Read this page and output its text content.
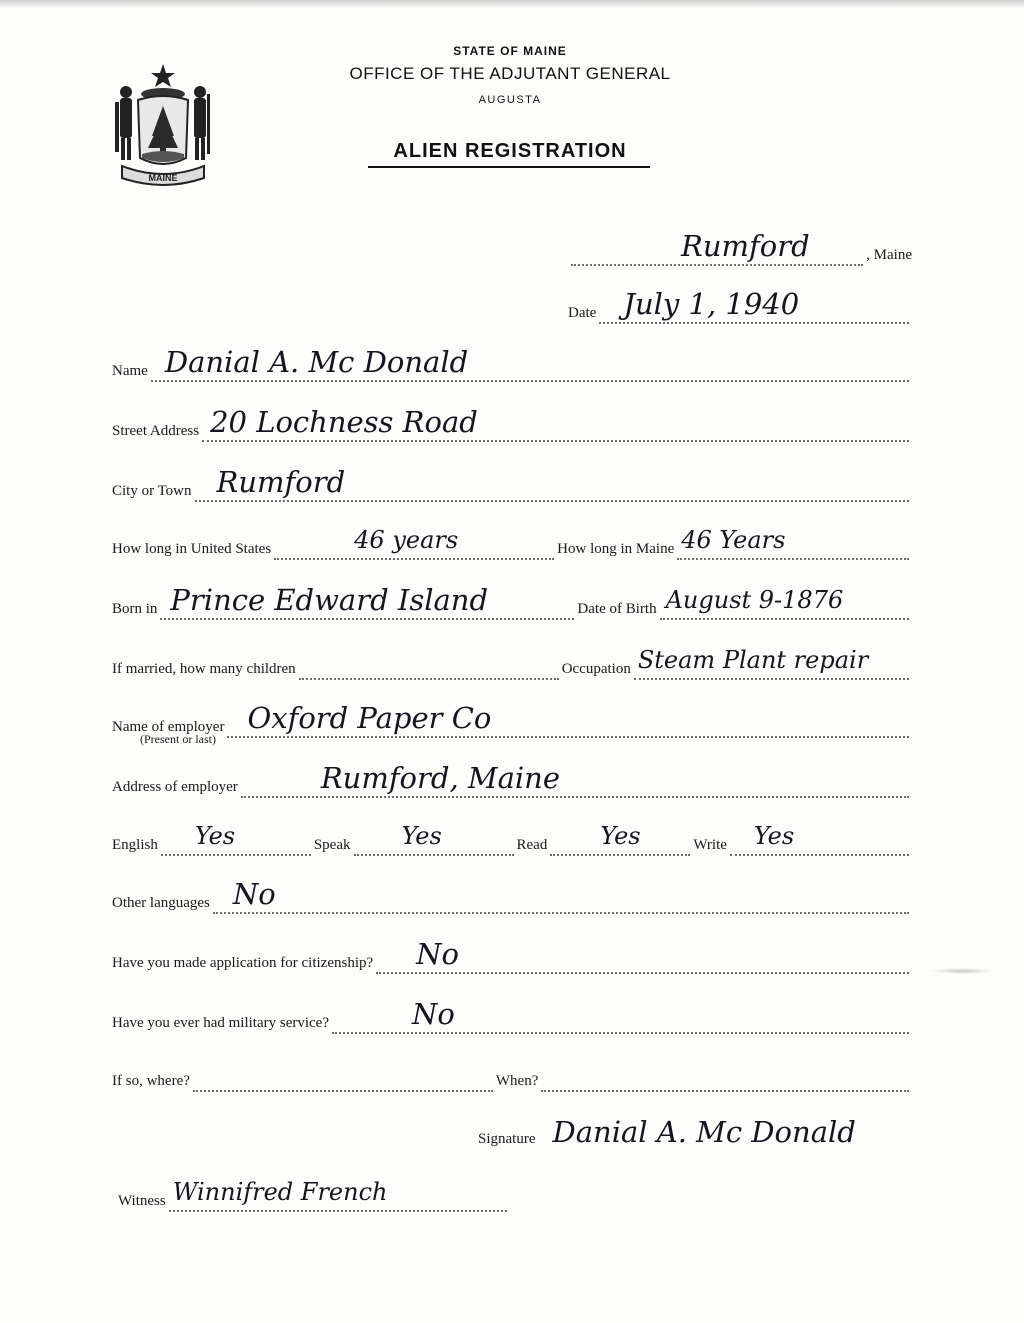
MAINE
STATE OF MAINE
OFFICE OF THE ADJUTANT GENERAL
AUGUSTA
ALIEN REGISTRATION
Rumford	, Maine
Date July 1, 1940
Name Danial A. Mc Donald
Street Address 20 Lochness Road
City or Town Rumford
How long in United States	46 years	How long in Maine 46 Years
Born in Prince Edward Island	Date of Birth August 9-1876
If married, how many children	Occupation Steam Plant repair
Name of employer Oxford Paper Co
(Present or last)
Address of employer	Rumford, Maine
English Yes	Speak Yes	Read Yes	Write Yes
Other languages No
Have you made application for citizenship? No
Have you ever had military service?	No
If so, where?	When?
Signature Danial A. Mc Donald
Witness Winnifred French
